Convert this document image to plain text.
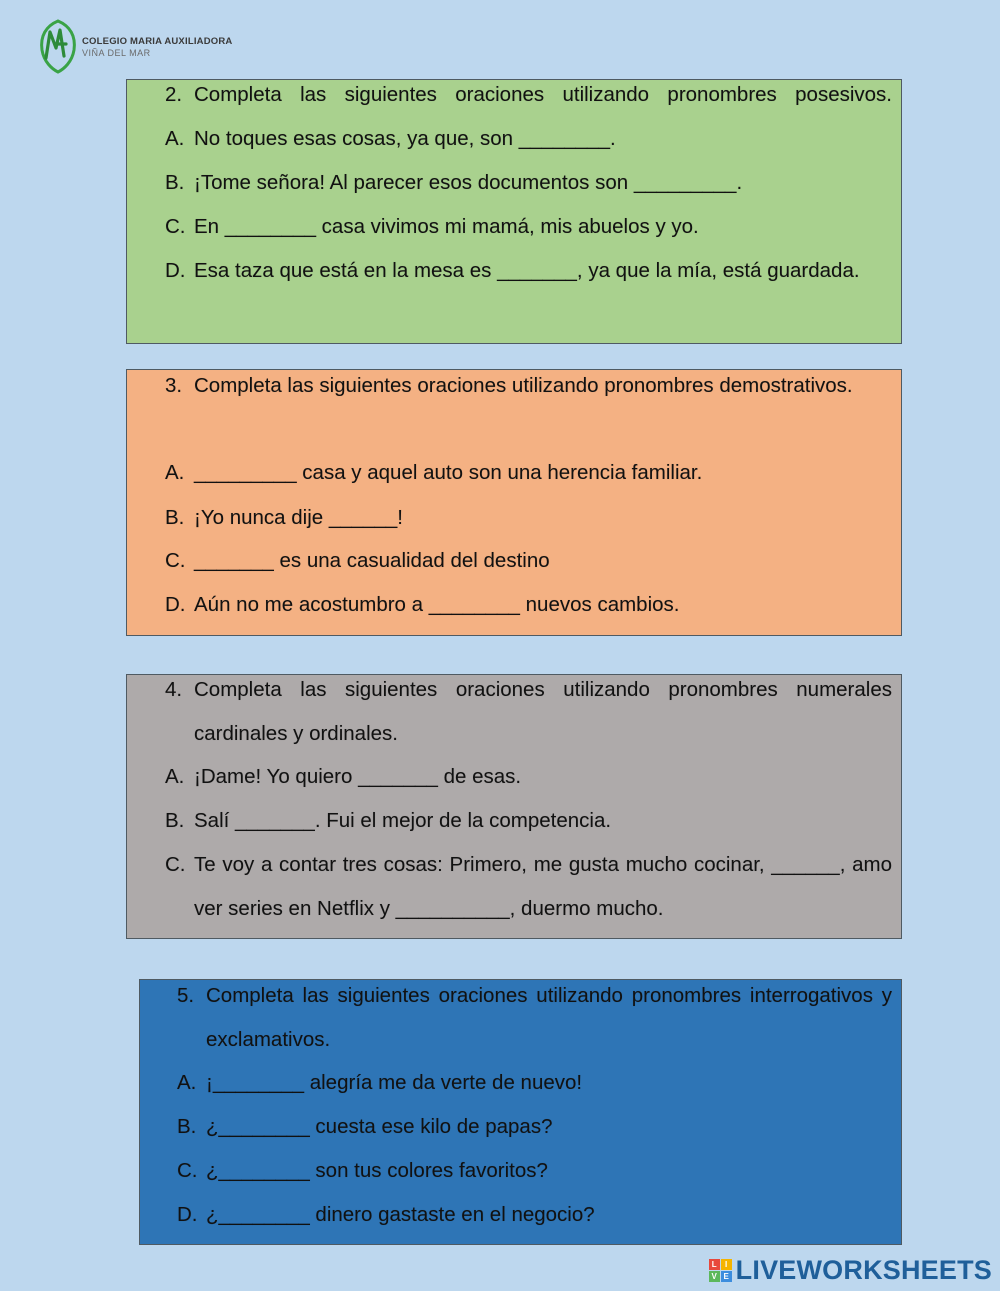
COLEGIO MARIA AUXILIADORA
VIÑA DEL MAR
2. Completa las siguientes oraciones utilizando pronombres posesivos.
A. No toques esas cosas, ya que, son ________.
B. ¡Tome señora! Al parecer esos documentos son _________.
C. En ________ casa vivimos mi mamá, mis abuelos y yo.
D. Esa taza que está en la mesa es _______, ya que la mía, está guardada.
3. Completa las siguientes oraciones utilizando pronombres demostrativos.
A. _________ casa y aquel auto son una herencia familiar.
B. ¡Yo nunca dije ______!
C. _______ es una casualidad del destino
D. Aún no me acostumbro a ________ nuevos cambios.
4. Completa las siguientes oraciones utilizando pronombres numerales cardinales y ordinales.
A. ¡Dame! Yo quiero _______ de esas.
B. Salí _______. Fui el mejor de la competencia.
C. Te voy a contar tres cosas: Primero, me gusta mucho cocinar, ______, amo ver series en Netflix y __________, duermo mucho.
5. Completa las siguientes oraciones utilizando pronombres interrogativos y exclamativos.
A. ¡________ alegría me da verte de nuevo!
B. ¿________ cuesta ese kilo de papas?
C. ¿________ son tus colores favoritos?
D. ¿________ dinero gastaste en el negocio?
L	I
V E LIVEWORKSHEETS
